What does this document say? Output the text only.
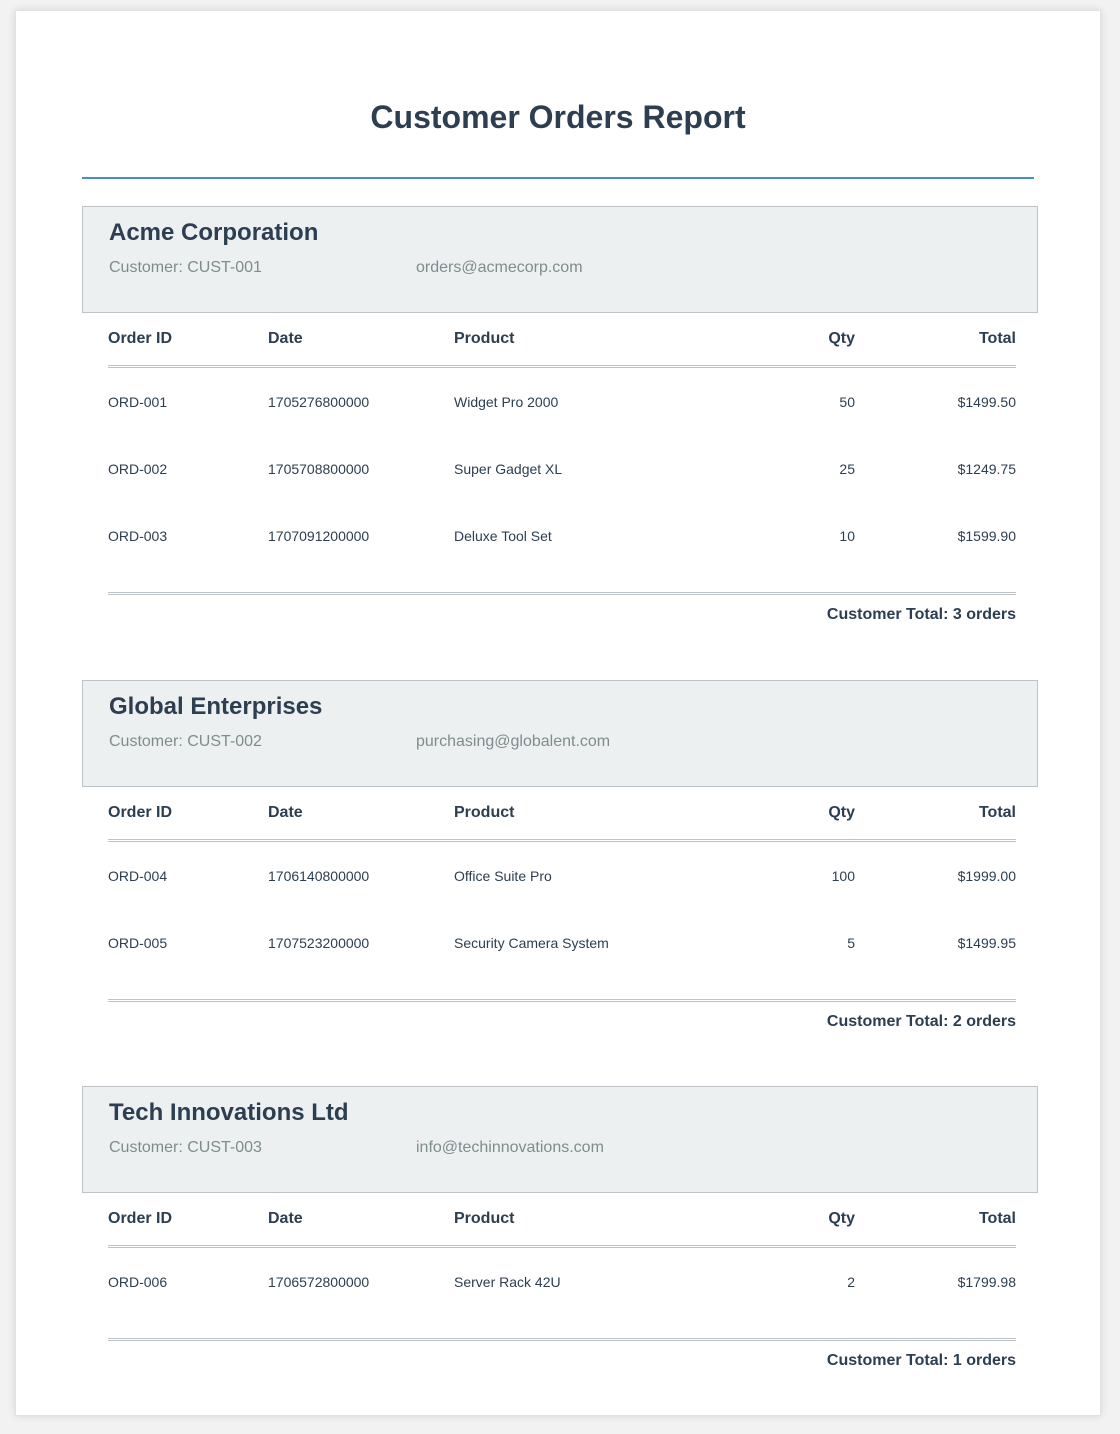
Customer Orders Report
Acme Corporation
Customer: CUST-001	orders@acmecorp.com
Order ID	Date	Product	Qty	Total
ORD-001	1705276800000	Widget Pro 2000	50	$1499.50
ORD-002	1705708800000	Super Gadget XL	25	$1249.75
ORD-003	1707091200000	Deluxe Tool Set	10	$1599.90
Customer Total: 3 orders
Global Enterprises
Customer: CUST-002	purchasing@globalent.com
Order ID	Date	Product	Qty	Total
ORD-004	1706140800000	Office Suite Pro	100	$1999.00
ORD-005	1707523200000	Security Camera System	5	$1499.95
Customer Total: 2 orders
Tech Innovations Ltd
Customer: CUST-003	info@techinnovations.com
Order ID	Date	Product	Qty	Total
ORD-006	1706572800000	Server Rack 42U	2	$1799.98
Customer Total: 1 orders
